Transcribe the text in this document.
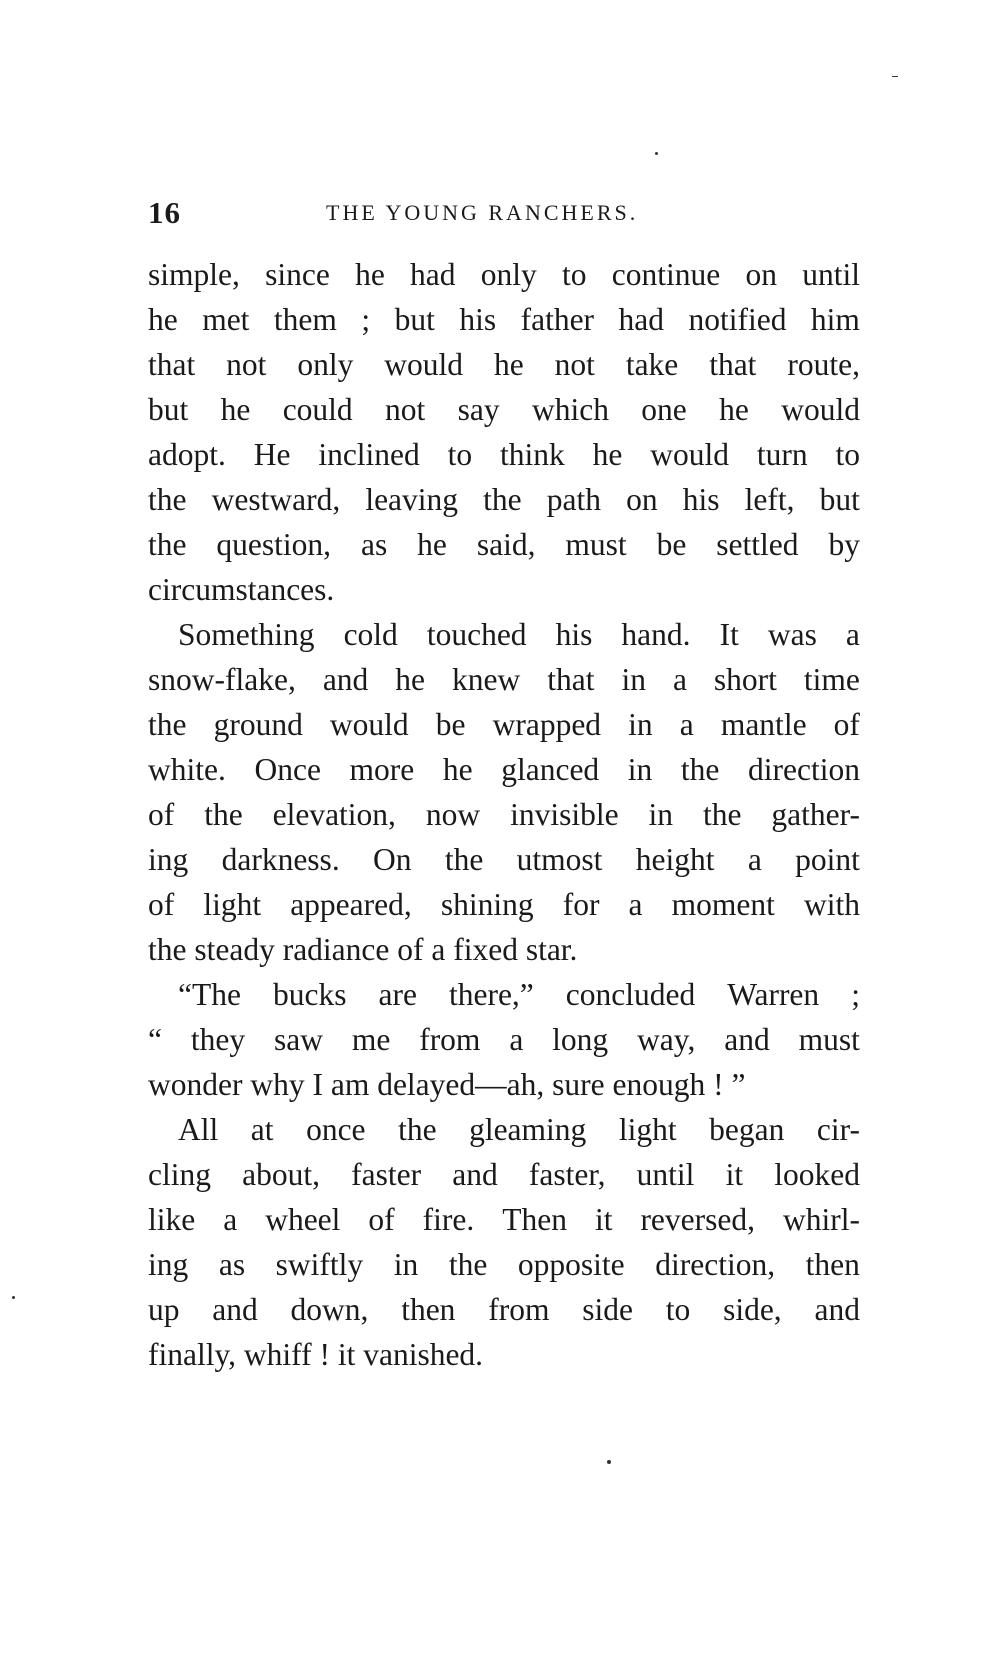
16	THE YOUNG RANCHERS.
simple, since he had only to continue on until
he met them ; but his father had notified him
that not only would he not take that route,
but he could not say which one he would
adopt. He inclined to think he would turn to
the westward, leaving the path on his left, but
the question, as he said, must be settled by
circumstances.
Something cold touched his hand. It was a
snow-flake, and he knew that in a short time
the ground would be wrapped in a mantle of
white. Once more he glanced in the direction
of the elevation, now invisible in the gather-
ing darkness. On the utmost height a point
of light appeared, shining for a moment with
the steady radiance of a fixed star.
“The bucks are there,” concluded Warren ;
“ they saw me from a long way, and must
wonder why I am delayed—ah, sure enough ! ”
All at once the gleaming light began cir-
cling about, faster and faster, until it looked
like a wheel of fire. Then it reversed, whirl-
ing as swiftly in the opposite direction, then
up and down, then from side to side, and
finally, whiff ! it vanished.
